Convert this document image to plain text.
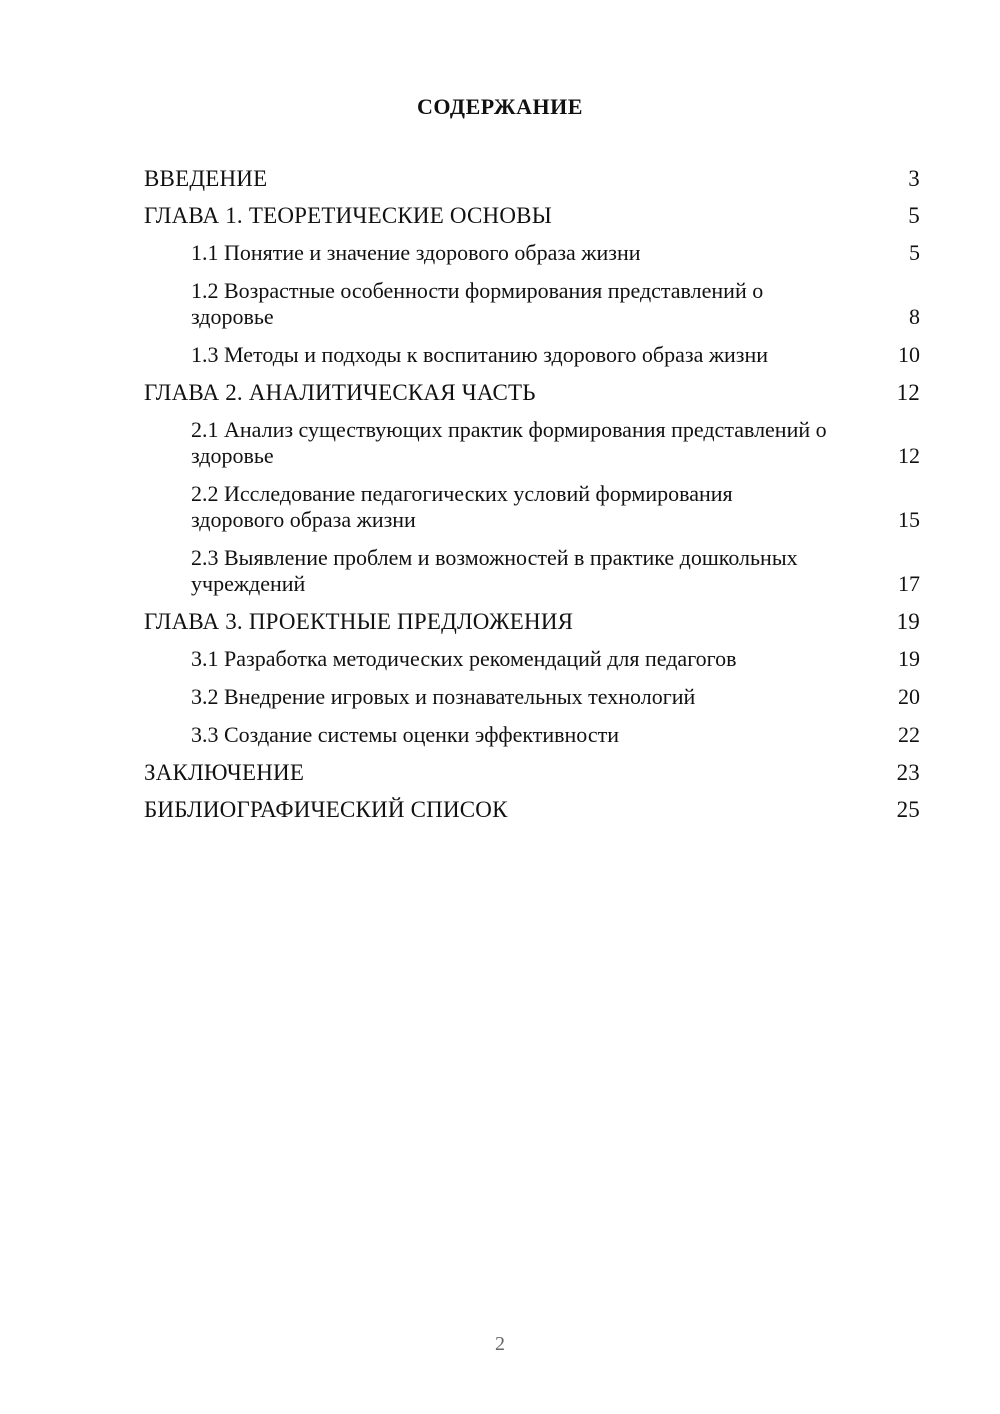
СОДЕРЖАНИЕ
ВВЕДЕНИЕ	3
ГЛАВА 1. ТЕОРЕТИЧЕСКИЕ ОСНОВЫ	5
1.1 Понятие и значение здорового образа жизни	5
1.2 Возрастные особенности формирования представлений о здоровье	8
1.3 Методы и подходы к воспитанию здорового образа жизни	10
ГЛАВА 2. АНАЛИТИЧЕСКАЯ ЧАСТЬ	12
2.1 Анализ существующих практик формирования представлений о здоровье	12
2.2 Исследование педагогических условий формирования здорового образа жизни	15
2.3 Выявление проблем и возможностей в практике дошкольных учреждений	17
ГЛАВА 3. ПРОЕКТНЫЕ ПРЕДЛОЖЕНИЯ	19
3.1 Разработка методических рекомендаций для педагогов	19
3.2 Внедрение игровых и познавательных технологий	20
3.3 Создание системы оценки эффективности	22
ЗАКЛЮЧЕНИЕ	23
БИБЛИОГРАФИЧЕСКИЙ СПИСОК	25
2
